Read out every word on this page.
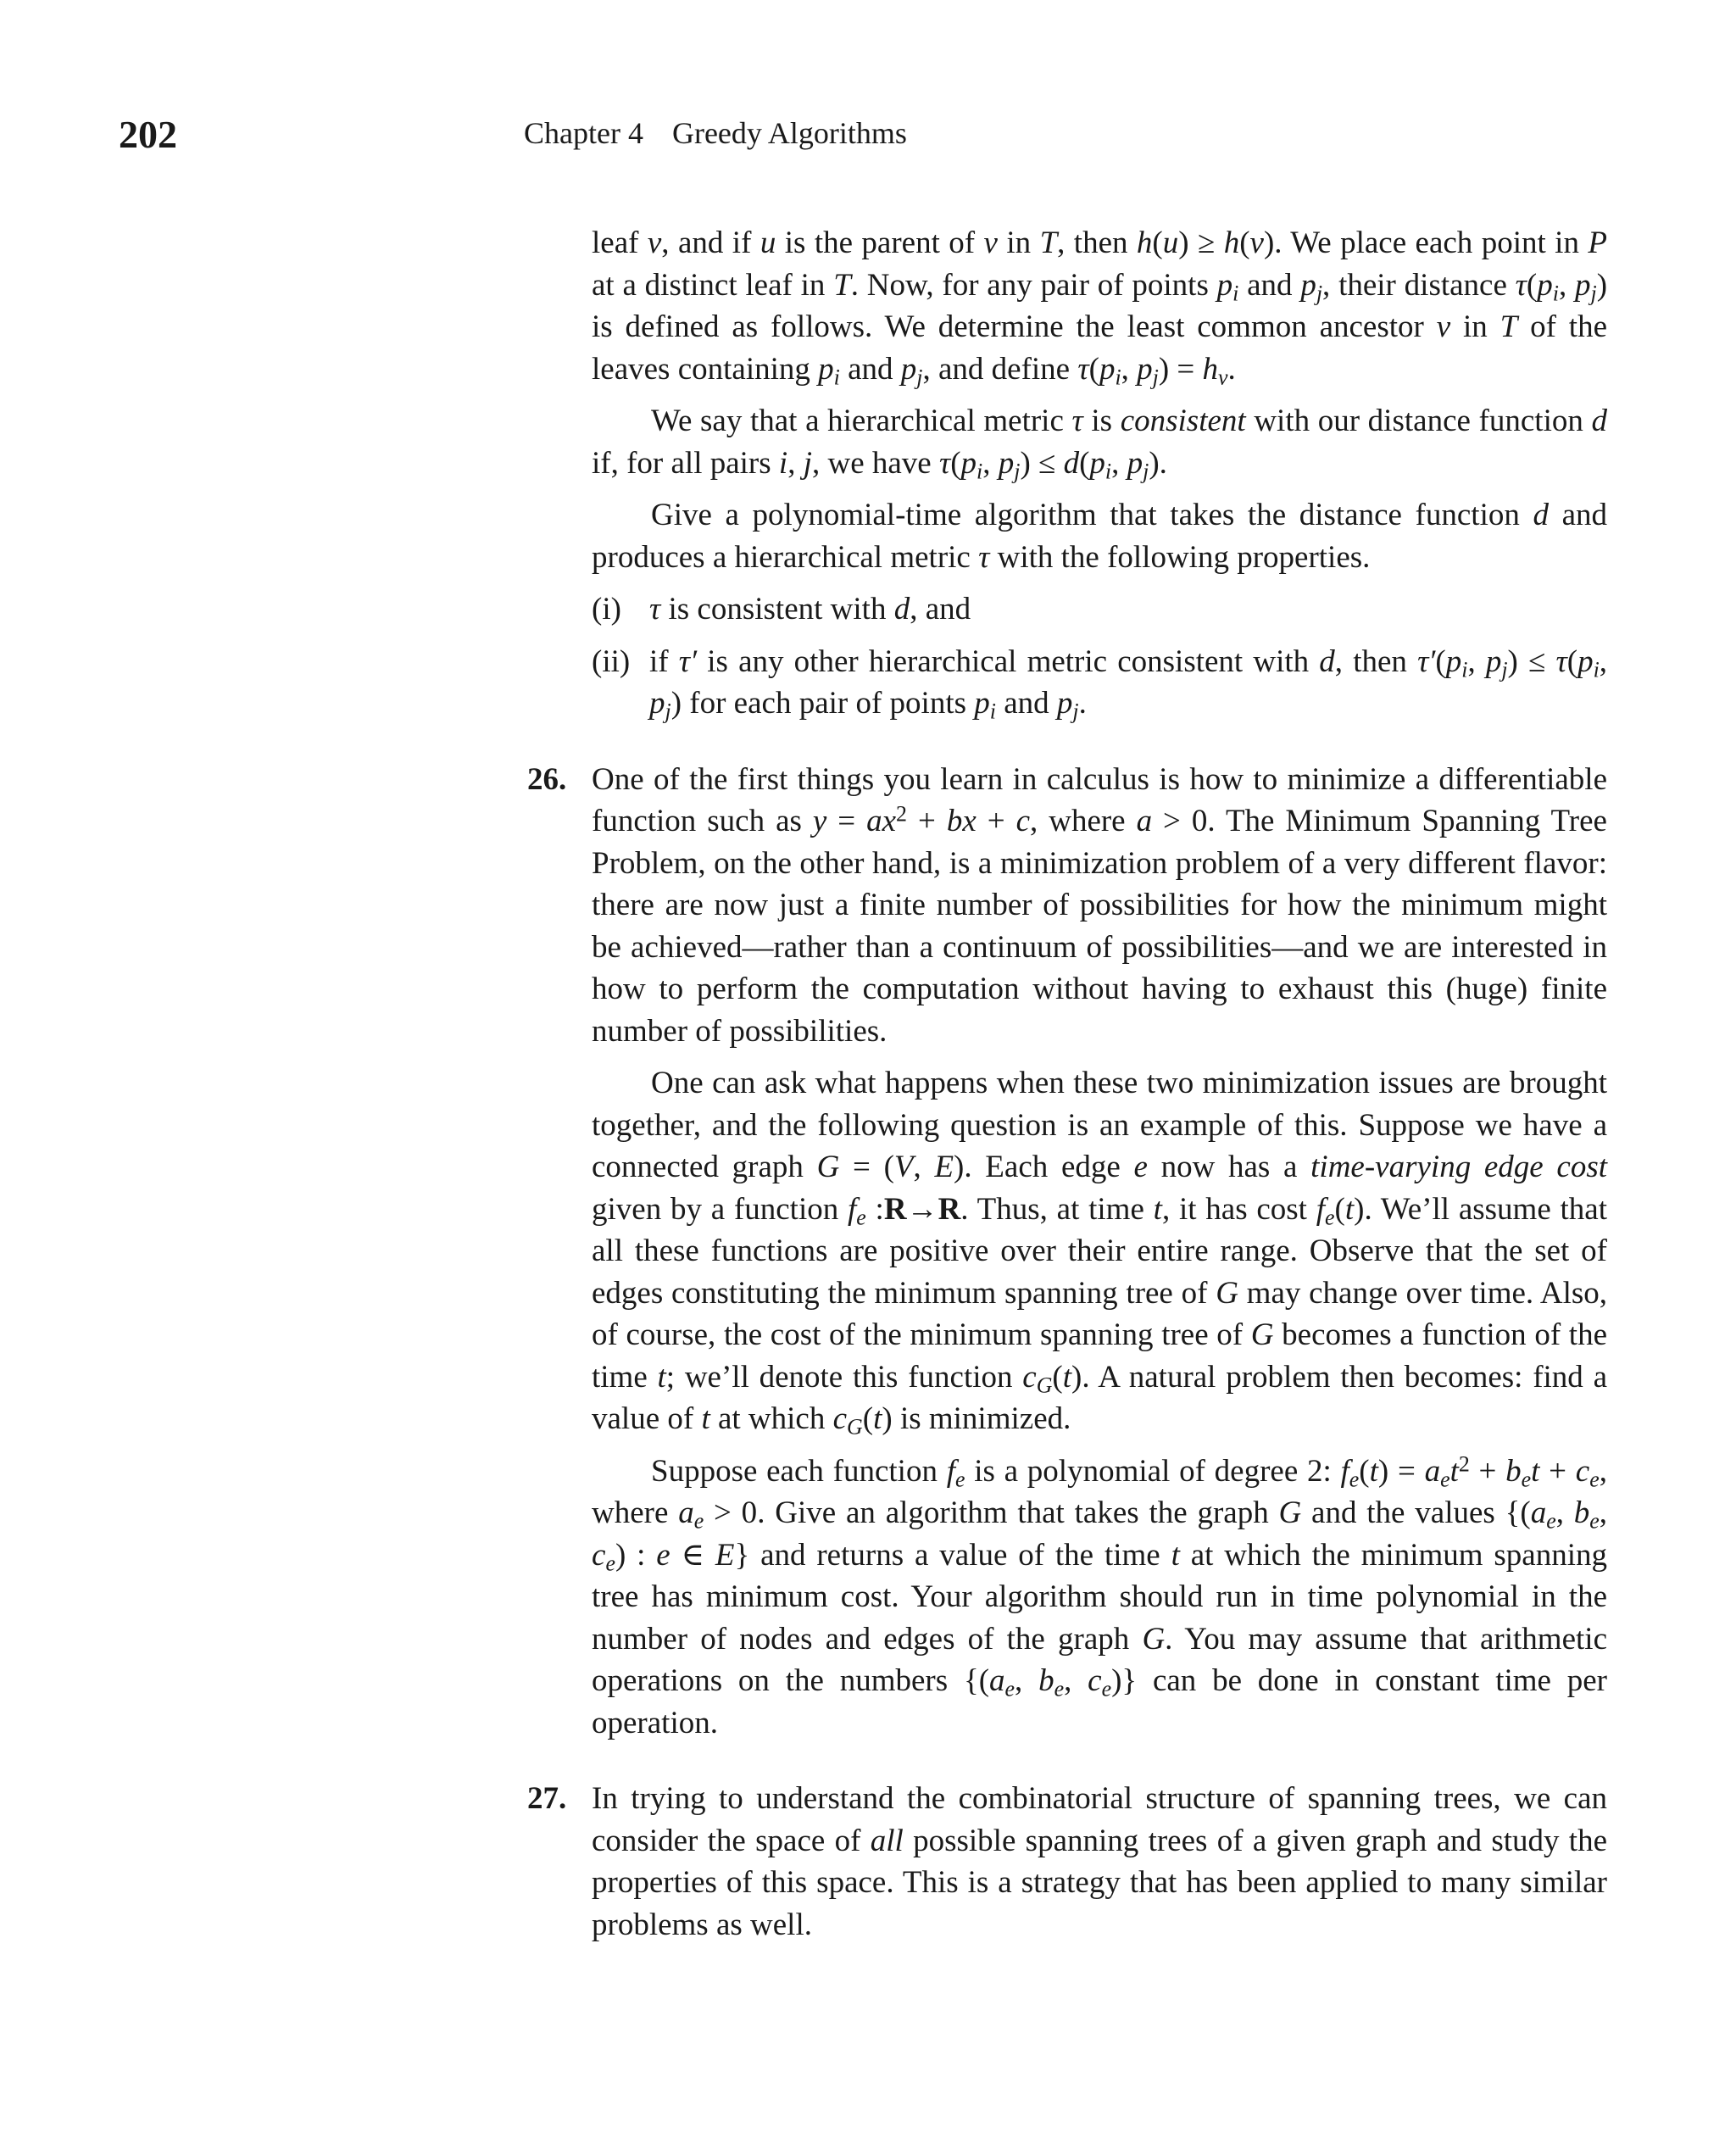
202	Chapter 4 Greedy Algorithms

leaf v, and if u is the parent of v in T, then h(u) ≥ h(v). We place each point in P at a distinct leaf in T. Now, for any pair of points $p_i$ and $p_j$, their distance $\tau(p_i$, $p_j$) is defined as follows. We determine the least common ancestor v in T of the leaves containing $p_i$ and $p_j$, and define $\tau(p_i$, $p_j) = h_v$.

We say that a hierarchical metric τ is consistent with our distance function d if, for all pairs i, j, we have $\tau(p_i$, $p_j) \le d(p_i$, $p_j$).

Give a polynomial-time algorithm that takes the distance function d and produces a hierarchical metric τ with the following properties.

(i) τ is consistent with d, and
(ii) if τ′ is any other hierarchical metric consistent with d, then $\tau'(p_i$, $p_j) \le \tau(p_i$, $p_j$) for each pair of points $p_i$ and $p_j$.
26. One of the first things you learn in calculus is how to minimize a differentiable function such as $y = ax^2$ + bx + c, where a > 0. The Minimum Spanning Tree Problem, on the other hand, is a minimization problem of a very different flavor: there are now just a finite number of possibilities for how the minimum might be achieved—rather than a continuum of possibilities—and we are interested in how to perform the computation without having to exhaust this (huge) finite number of possibilities.

One can ask what happens when these two minimization issues are brought together, and the following question is an example of this. Suppose we have a connected graph G = (V, E). Each edge e now has a time-varying edge cost given by a function $f_e$ :R→R. Thus, at time t, it has cost $f_e(t)$. We’ll assume that all these functions are positive over their entire range. Observe that the set of edges constituting the minimum spanning tree of G may change over time. Also, of course, the cost of the minimum spanning tree of G becomes a function of the time t; we’ll denote this function $c_G(t)$. A natural problem then becomes: find a value of t at which $c_G(t)$ is minimized.

Suppose each function $f_e$ is a polynomial of degree 2: $f_e(t) = a_et^2 + b_et + c_e$, where $a_e > 0$. Give an algorithm that takes the graph G and the values {($a_e$, $b_e$, $c_e$) : e ∈ E} and returns a value of the time t at which the minimum spanning tree has minimum cost. Your algorithm should run in time polynomial in the number of nodes and edges of the graph G. You may assume that arithmetic operations on the numbers {($a_e$, $b_e$, $c_e$)} can be done in constant time per operation.

27. In trying to understand the combinatorial structure of spanning trees, we can consider the space of all possible spanning trees of a given graph and study the properties of this space. This is a strategy that has been applied to many similar problems as well.
